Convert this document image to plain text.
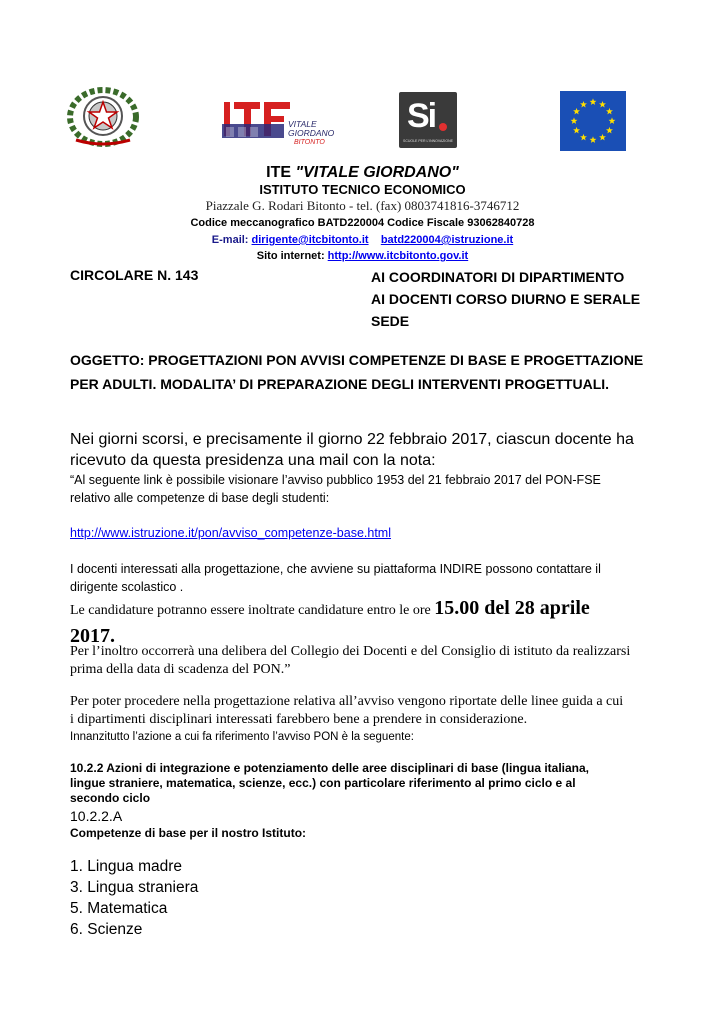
VITALE
GIORDANO
BITONTO
Si
SCUOLE PER L'INNOVAZIONE
ITE "VITALE GIORDANO"
ISTITUTO TECNICO ECONOMICO
Piazzale G. Rodari Bitonto - tel. (fax) 0803741816-3746712
Codice meccanografico BATD220004 Codice Fiscale 93062840728
E-mail: dirigente@itcbitonto.it batd220004@istruzione.it
Sito internet: http://www.itcbitonto.gov.it
CIRCOLARE N. 143	AI COORDINATORI DI DIPARTIMENTO
AI DOCENTI CORSO DIURNO E SERALE
SEDE
OGGETTO: PROGETTAZIONI PON AVVISI COMPETENZE DI BASE E PROGETTAZIONE
PER ADULTI. MODALITA’ DI PREPARAZIONE DEGLI INTERVENTI PROGETTUALI.
Nei giorni scorsi, e precisamente il giorno 22 febbraio 2017, ciascun docente ha
ricevuto da questa presidenza una mail con la nota:
“Al seguente link è possibile visionare l’avviso pubblico 1953 del 21 febbraio 2017 del PON-FSE
relativo alle competenze di base degli studenti:
http://www.istruzione.it/pon/avviso_competenze-base.html
I docenti interessati alla progettazione, che avviene su piattaforma INDIRE possono contattare il
dirigente scolastico .
Le candidature potranno essere inoltrate candidature entro le ore 15.00 del 28 aprile
2017.
Per l’inoltro occorrerà una delibera del Collegio dei Docenti e del Consiglio di istituto da realizzarsi
prima della data di scadenza del PON.”
Per poter procedere nella progettazione relativa all’avviso vengono riportate delle linee guida a cui
i dipartimenti disciplinari interessati farebbero bene a prendere in considerazione.
Innanzitutto l’azione a cui fa riferimento l’avviso PON è la seguente:
10.2.2 Azioni di integrazione e potenziamento delle aree disciplinari di base (lingua italiana,
lingue straniere, matematica, scienze, ecc.) con particolare riferimento al primo ciclo e al
secondo ciclo
10.2.2.A
Competenze di base per il nostro Istituto:
1. Lingua madre
3. Lingua straniera
5. Matematica
6. Scienze
